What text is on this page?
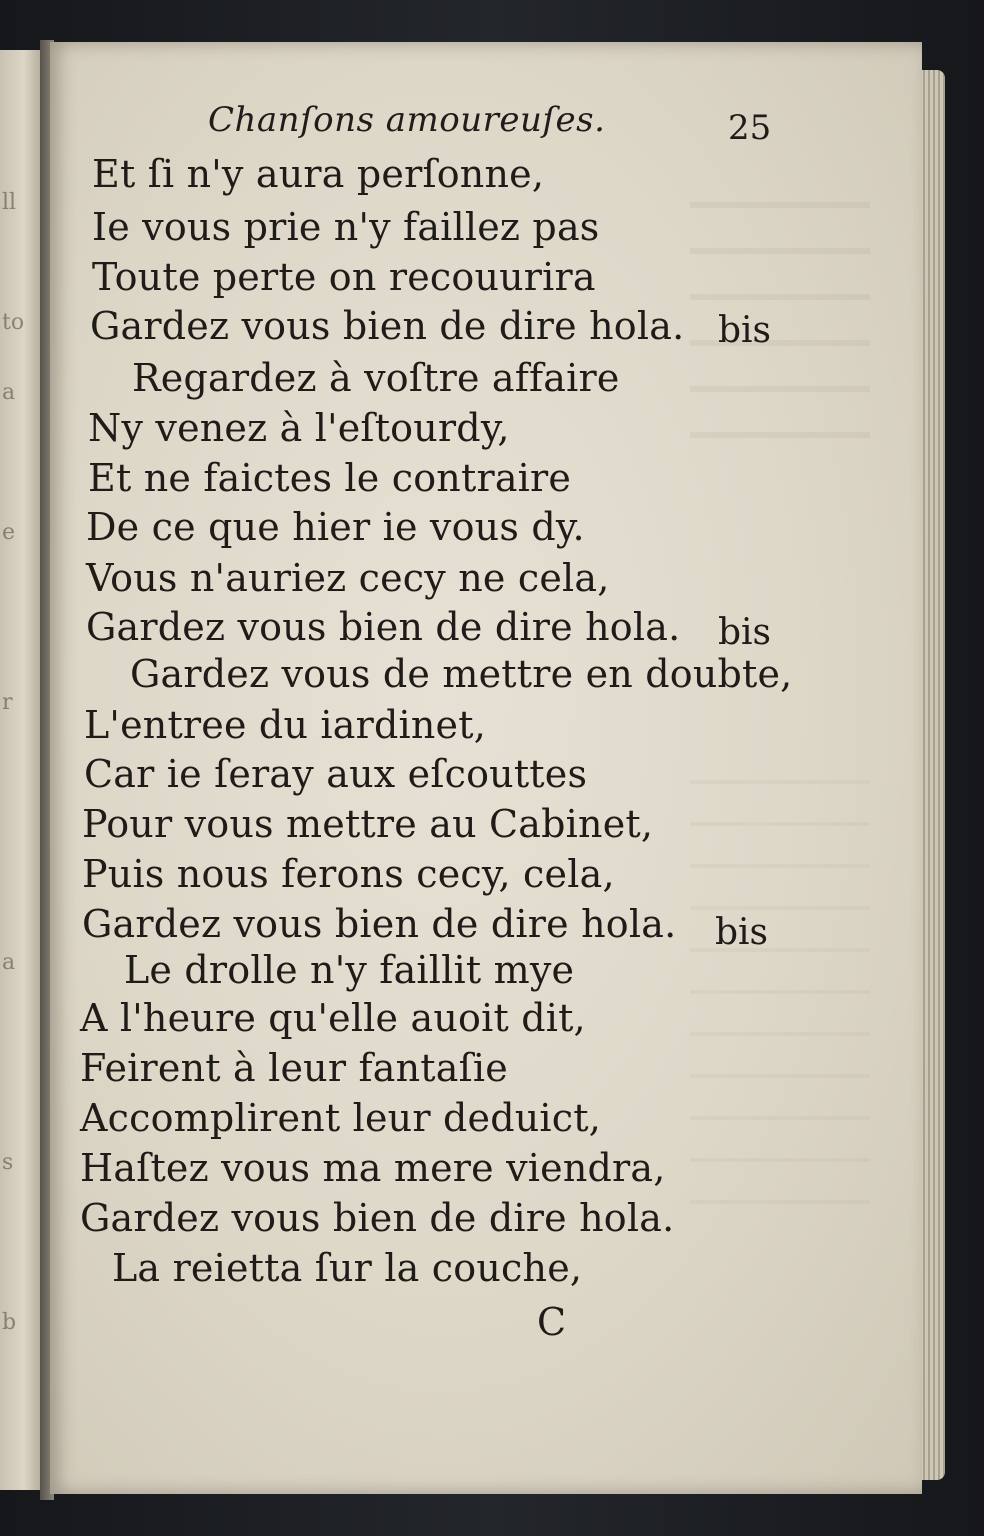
ll
to
a
e
r
a
s
b
Chanſons amoureuſes.	25
Et ſi n'y aura perſonne,
Ie vous prie n'y faillez pas
Toute perte on recouurira
Gardez vous bien de dire hola. bis
Regardez à voſtre affaire
Ny venez à l'eſtourdy,
Et ne faictes le contraire
De ce que hier ie vous dy.
Vous n'auriez cecy ne cela,
Gardez vous bien de dire hola. bis
Gardez vous de mettre en doubte,
L'entree du iardinet,
Car ie ſeray aux eſcouttes
Pour vous mettre au Cabinet,
Puis nous ferons cecy, cela,
Gardez vous bien de dire hola. bis
Le drolle n'y faillit mye
A l'heure qu'elle auoit dit,
Feirent à leur fantaſie
Accomplirent leur deduict,
Haſtez vous ma mere viendra,
Gardez vous bien de dire hola.
La reietta ſur la couche,
C
